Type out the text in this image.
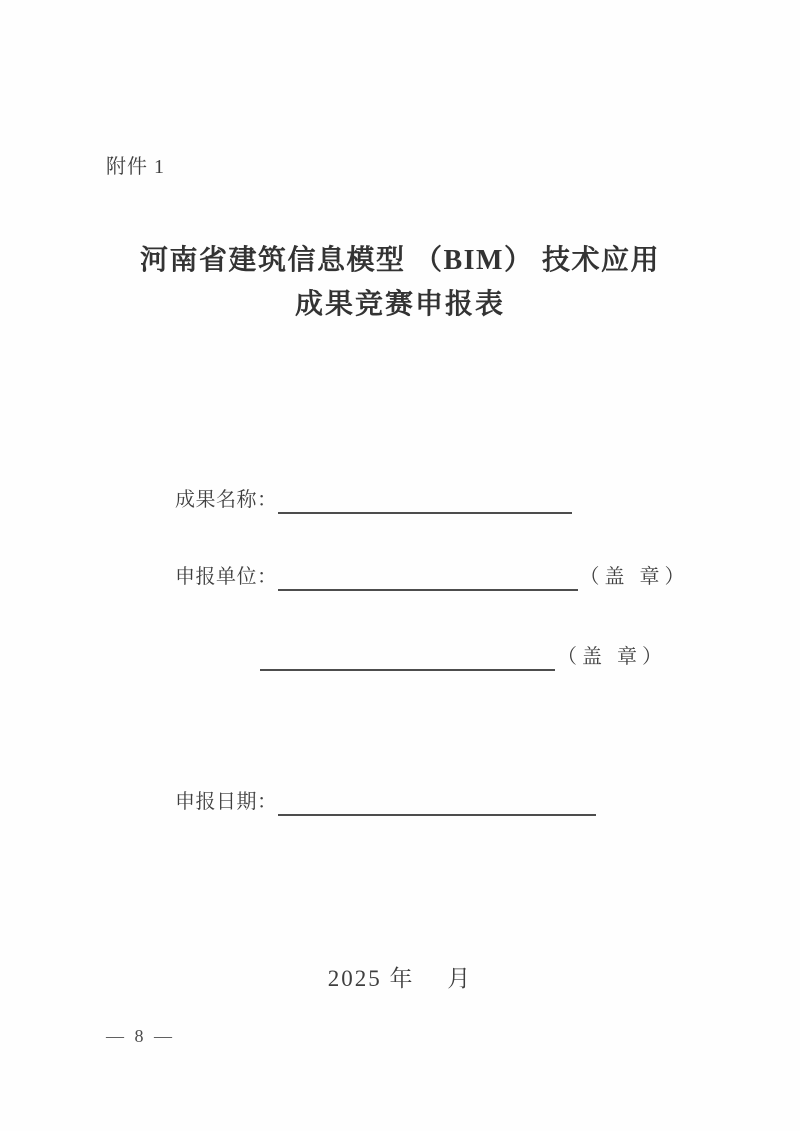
附件 1
河南省建筑信息模型 （BIM） 技术应用
成果竞赛申报表
成果名称：
申报单位：	（盖 章）
（盖 章）
申报日期：
2025 年　 月
— 8 —
